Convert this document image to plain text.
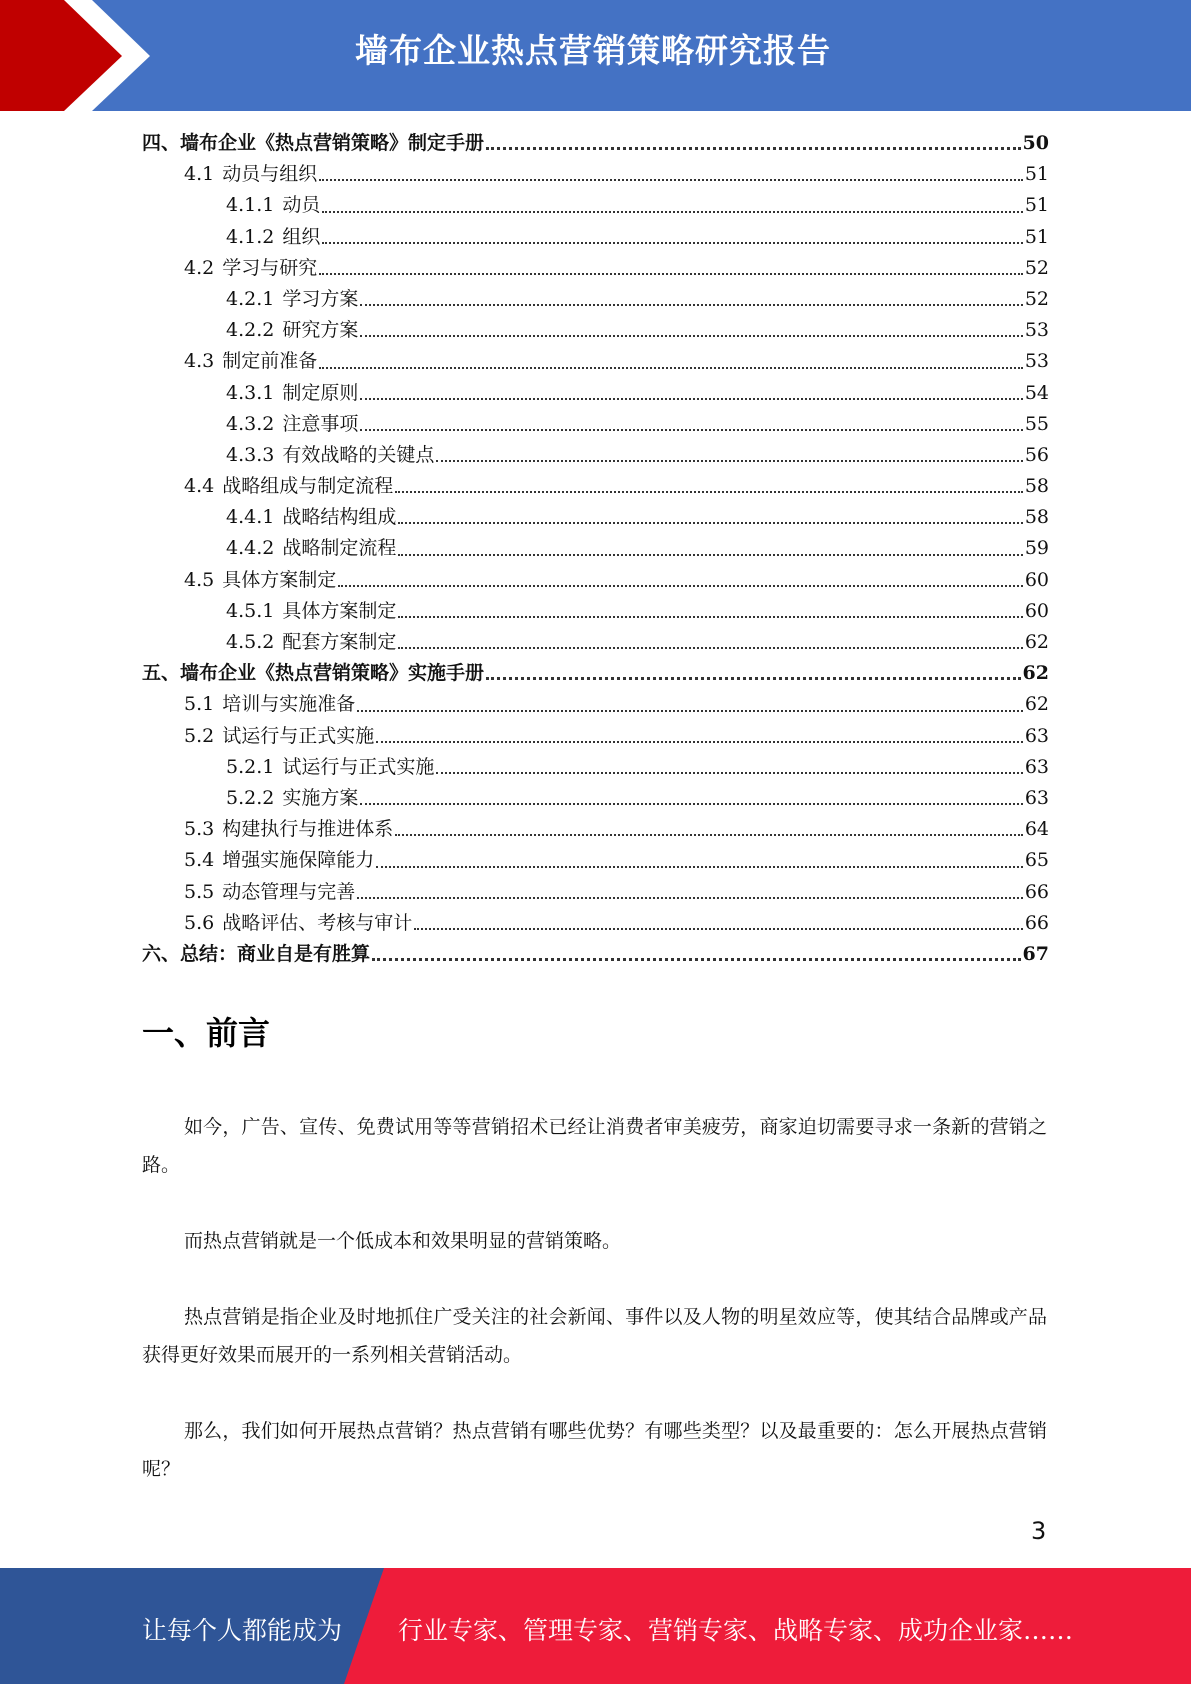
墙布企业热点营销策略研究报告
四、墙布企业《热点营销策略》制定手册	50
4.1 动员与组织	51
4.1.1 动员	51
4.1.2 组织	51
4.2 学习与研究	52
4.2.1 学习方案	52
4.2.2 研究方案	53
4.3 制定前准备	53
4.3.1 制定原则	54
4.3.2 注意事项	55
4.3.3 有效战略的关键点	56
4.4 战略组成与制定流程	58
4.4.1 战略结构组成	58
4.4.2 战略制定流程	59
4.5 具体方案制定	60
4.5.1 具体方案制定	60
4.5.2 配套方案制定	62
五、墙布企业《热点营销策略》实施手册	62
5.1 培训与实施准备	62
5.2 试运行与正式实施	63
5.2.1 试运行与正式实施	63
5.2.2 实施方案	63
5.3 构建执行与推进体系	64
5.4 增强实施保障能力	65
5.5 动态管理与完善	66
5.6 战略评估、考核与审计	66
六、总结：商业自是有胜算	67
一、前言

如今，广告、宣传、免费试用等等营销招术已经让消费者审美疲劳，商家迫切需要寻求一条新的营销之路。

而热点营销就是一个低成本和效果明显的营销策略。

热点营销是指企业及时地抓住广受关注的社会新闻、事件以及人物的明星效应等，使其结合品牌或产品获得更好效果而展开的一系列相关营销活动。

那么，我们如何开展热点营销？热点营销有哪些优势？有哪些类型？以及最重要的：怎么开展热点营销呢？

3
让每个人都能成为 行业专家、管理专家、营销专家、战略专家、成功企业家……
